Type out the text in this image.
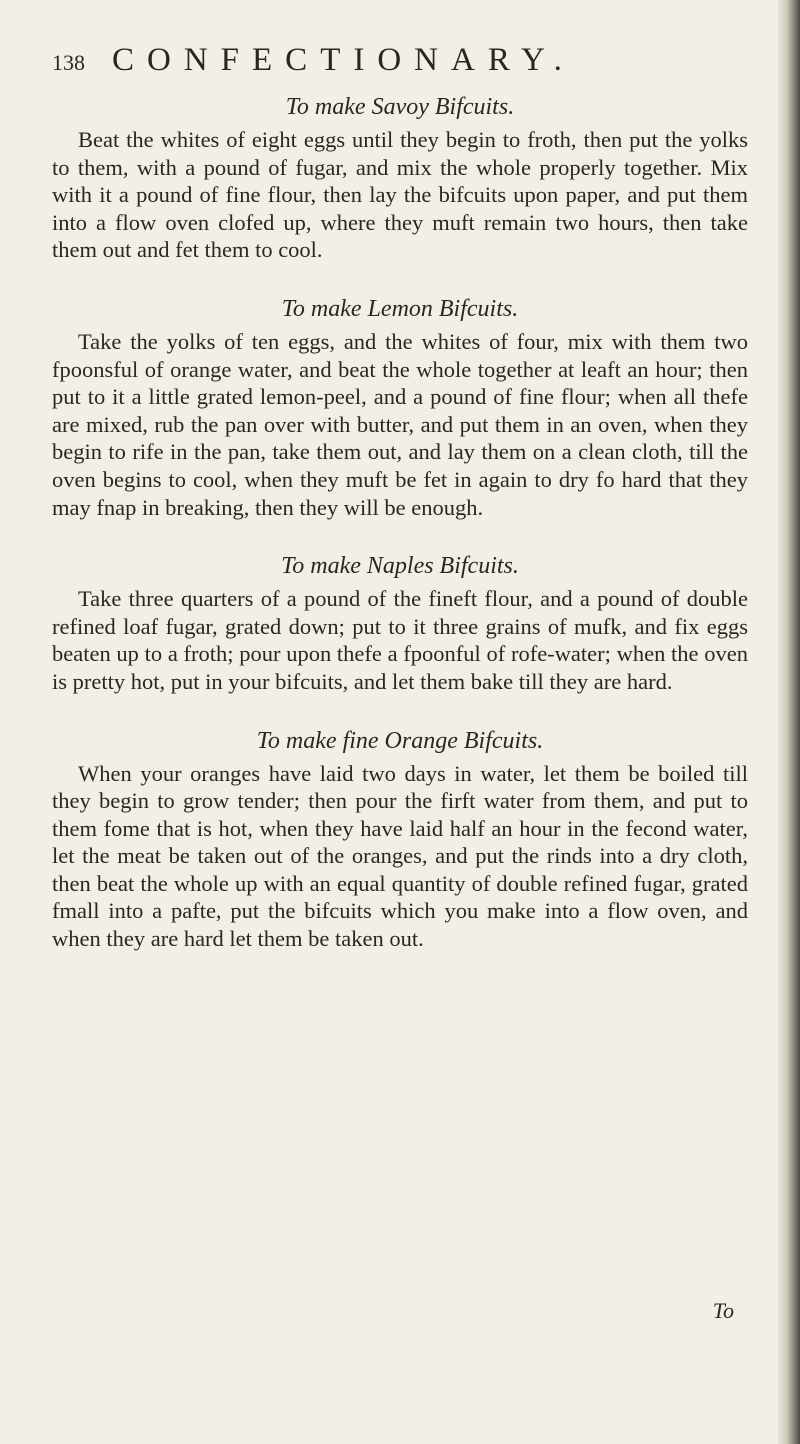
138 CONFECTIONARY.
To make Savoy Bifcuits.

Beat the whites of eight eggs until they begin to froth, then put the yolks to them, with a pound of fugar, and mix the whole properly together. Mix with it a pound of fine flour, then lay the bifcuits upon paper, and put them into a flow oven clofed up, where they muft remain two hours, then take them out and fet them to cool.

To make Lemon Bifcuits.

Take the yolks of ten eggs, and the whites of four, mix with them two fpoonsful of orange water, and beat the whole together at leaft an hour; then put to it a little grated lemon-peel, and a pound of fine flour; when all thefe are mixed, rub the pan over with butter, and put them in an oven, when they begin to rife in the pan, take them out, and lay them on a clean cloth, till the oven begins to cool, when they muft be fet in again to dry fo hard that they may fnap in breaking, then they will be enough.

To make Naples Bifcuits.

Take three quarters of a pound of the fineft flour, and a pound of double refined loaf fugar, grated down; put to it three grains of mufk, and fix eggs beaten up to a froth; pour upon thefe a fpoonful of rofe-water; when the oven is pretty hot, put in your bifcuits, and let them bake till they are hard.

To make fine Orange Bifcuits.

When your oranges have laid two days in water, let them be boiled till they begin to grow tender; then pour the firft water from them, and put to them fome that is hot, when they have laid half an hour in the fecond water, let the meat be taken out of the oranges, and put the rinds into a dry cloth, then beat the whole up with an equal quantity of double refined fugar, grated fmall into a pafte, put the bifcuits which you make into a flow oven, and when they are hard let them be taken out.

To
